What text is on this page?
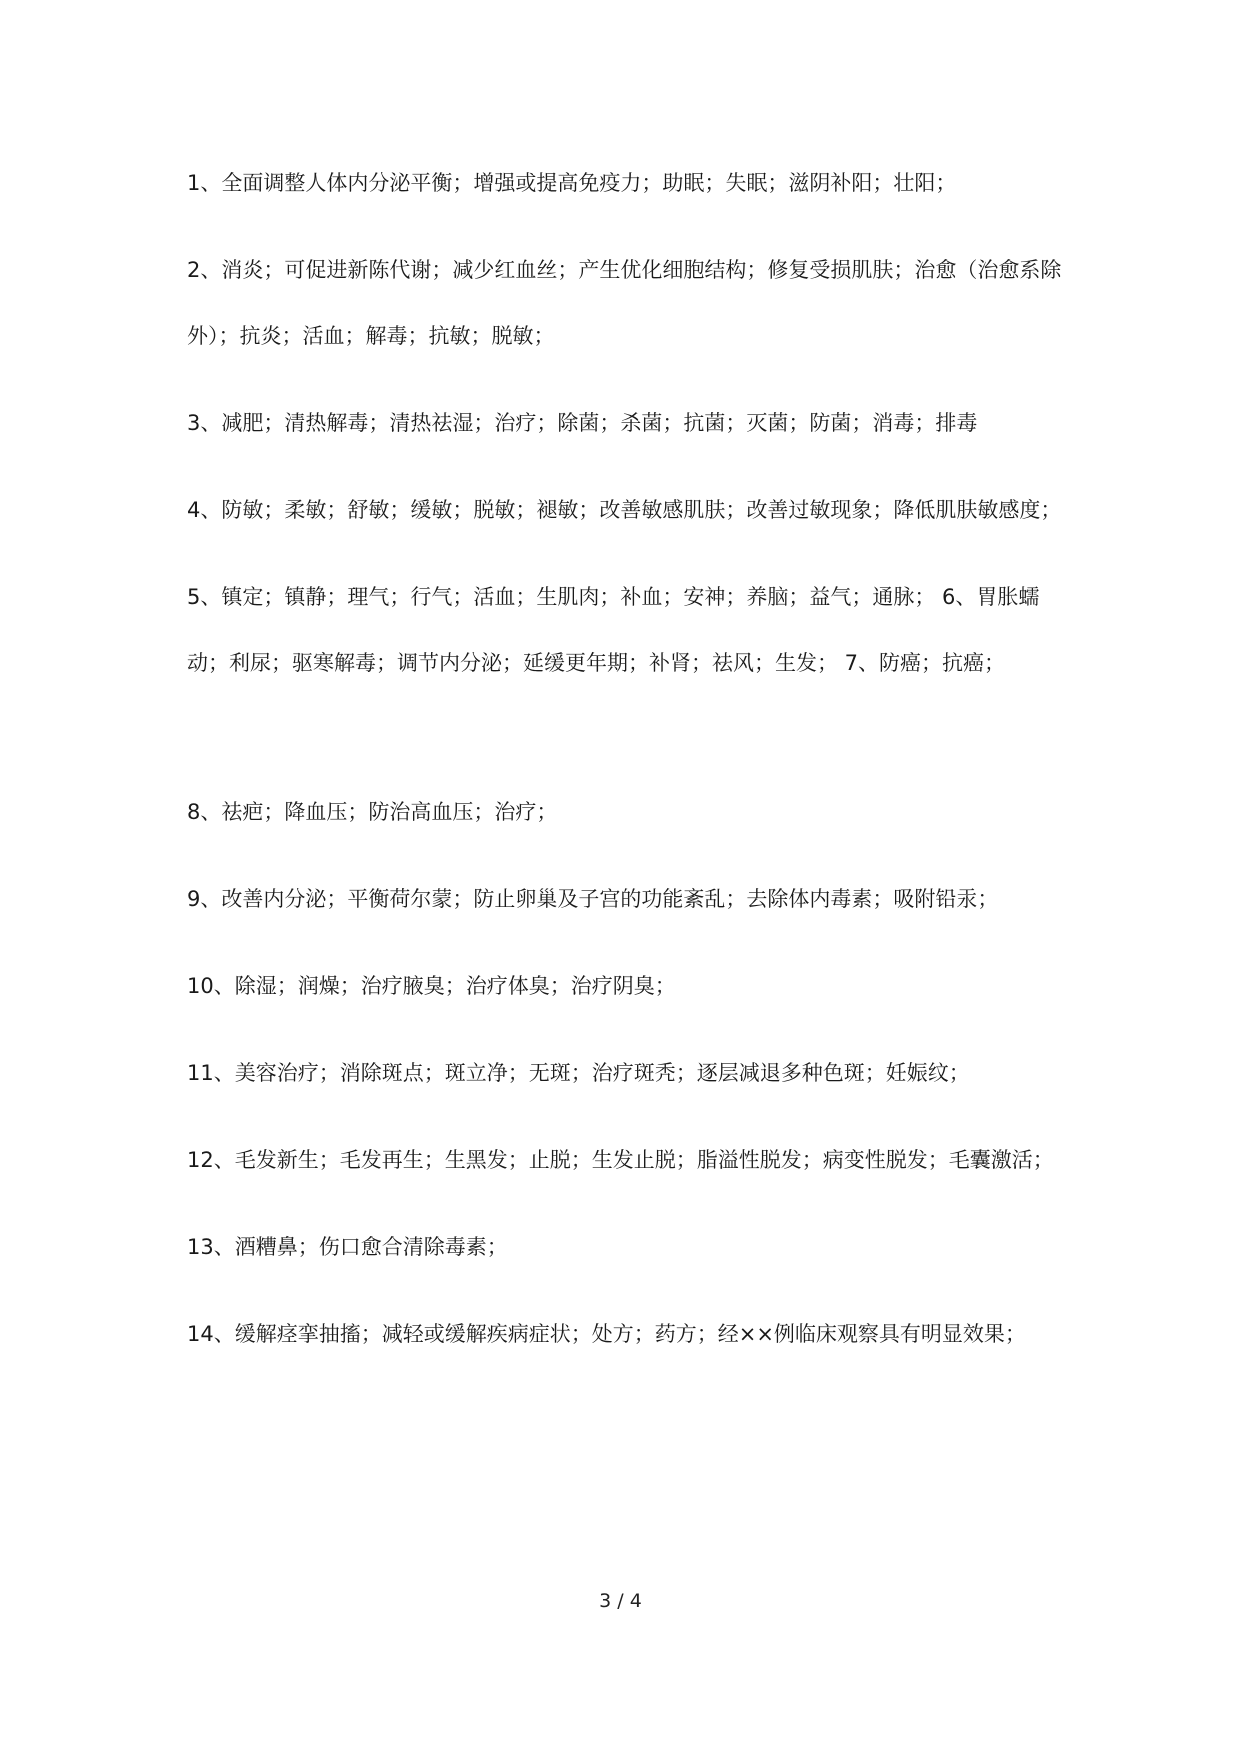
1、全面调整人体内分泌平衡；增强或提高免疫力；助眠；失眠；滋阴补阳；壮阳；

2、消炎；可促进新陈代谢；减少红血丝；产生优化细胞结构；修复受损肌肤；治愈（治愈系除外）；抗炎；活血；解毒；抗敏；脱敏；

3、减肥；清热解毒；清热祛湿；治疗；除菌；杀菌；抗菌；灭菌；防菌；消毒；排毒

4、防敏；柔敏；舒敏；缓敏；脱敏；褪敏；改善敏感肌肤；改善过敏现象；降低肌肤敏感度；

5、镇定；镇静；理气；行气；活血；生肌肉；补血；安神；养脑；益气；通脉； 6、胃胀蠕动；利尿；驱寒解毒；调节内分泌；延缓更年期；补肾；祛风；生发； 7、防癌；抗癌；

8、祛疤；降血压；防治高血压；治疗；

9、改善内分泌；平衡荷尔蒙；防止卵巢及子宫的功能紊乱；去除体内毒素；吸附铅汞；

10、除湿；润燥；治疗腋臭；治疗体臭；治疗阴臭；

11、美容治疗；消除斑点；斑立净；无斑；治疗斑秃；逐层减退多种色斑；妊娠纹；

12、毛发新生；毛发再生；生黑发；止脱；生发止脱；脂溢性脱发；病变性脱发；毛囊激活；

13、酒糟鼻；伤口愈合清除毒素；

14、缓解痉挛抽搐；减轻或缓解疾病症状；处方；药方；经××例临床观察具有明显效果；

3 / 4
